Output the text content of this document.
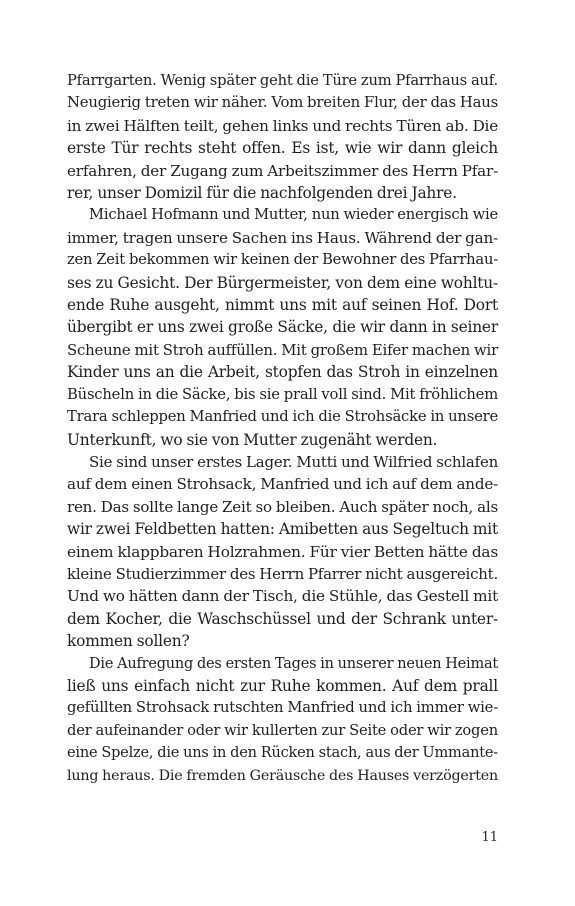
Pfarrgarten. Wenig später geht die Türe zum Pfarrhaus auf.
Neugierig treten wir näher. Vom breiten Flur, der das Haus
in zwei Hälften teilt, gehen links und rechts Türen ab. Die
erste Tür rechts steht offen. Es ist, wie wir dann gleich
erfahren, der Zugang zum Arbeitszimmer des Herrn Pfar-
rer, unser Domizil für die nachfolgenden drei Jahre.
Michael Hofmann und Mutter, nun wieder energisch wie
immer, tragen unsere Sachen ins Haus. Während der gan-
zen Zeit bekommen wir keinen der Bewohner des Pfarrhau-
ses zu Gesicht. Der Bürgermeister, von dem eine wohltu-
ende Ruhe ausgeht, nimmt uns mit auf seinen Hof. Dort
übergibt er uns zwei große Säcke, die wir dann in seiner
Scheune mit Stroh auffüllen. Mit großem Eifer machen wir
Kinder uns an die Arbeit, stopfen das Stroh in einzelnen
Büscheln in die Säcke, bis sie prall voll sind. Mit fröhlichem
Trara schleppen Manfried und ich die Strohsäcke in unsere
Unterkunft, wo sie von Mutter zugenäht werden.
Sie sind unser erstes Lager. Mutti und Wilfried schlafen
auf dem einen Strohsack, Manfried und ich auf dem ande-
ren. Das sollte lange Zeit so bleiben. Auch später noch, als
wir zwei Feldbetten hatten: Amibetten aus Segeltuch mit
einem klappbaren Holzrahmen. Für vier Betten hätte das
kleine Studierzimmer des Herrn Pfarrer nicht ausgereicht.
Und wo hätten dann der Tisch, die Stühle, das Gestell mit
dem Kocher, die Waschschüssel und der Schrank unter-
kommen sollen?
Die Aufregung des ersten Tages in unserer neuen Heimat
ließ uns einfach nicht zur Ruhe kommen. Auf dem prall
gefüllten Strohsack rutschten Manfried und ich immer wie-
der aufeinander oder wir kullerten zur Seite oder wir zogen
eine Spelze, die uns in den Rücken stach, aus der Ummante-
lung heraus. Die fremden Geräusche des Hauses verzögerten
11
